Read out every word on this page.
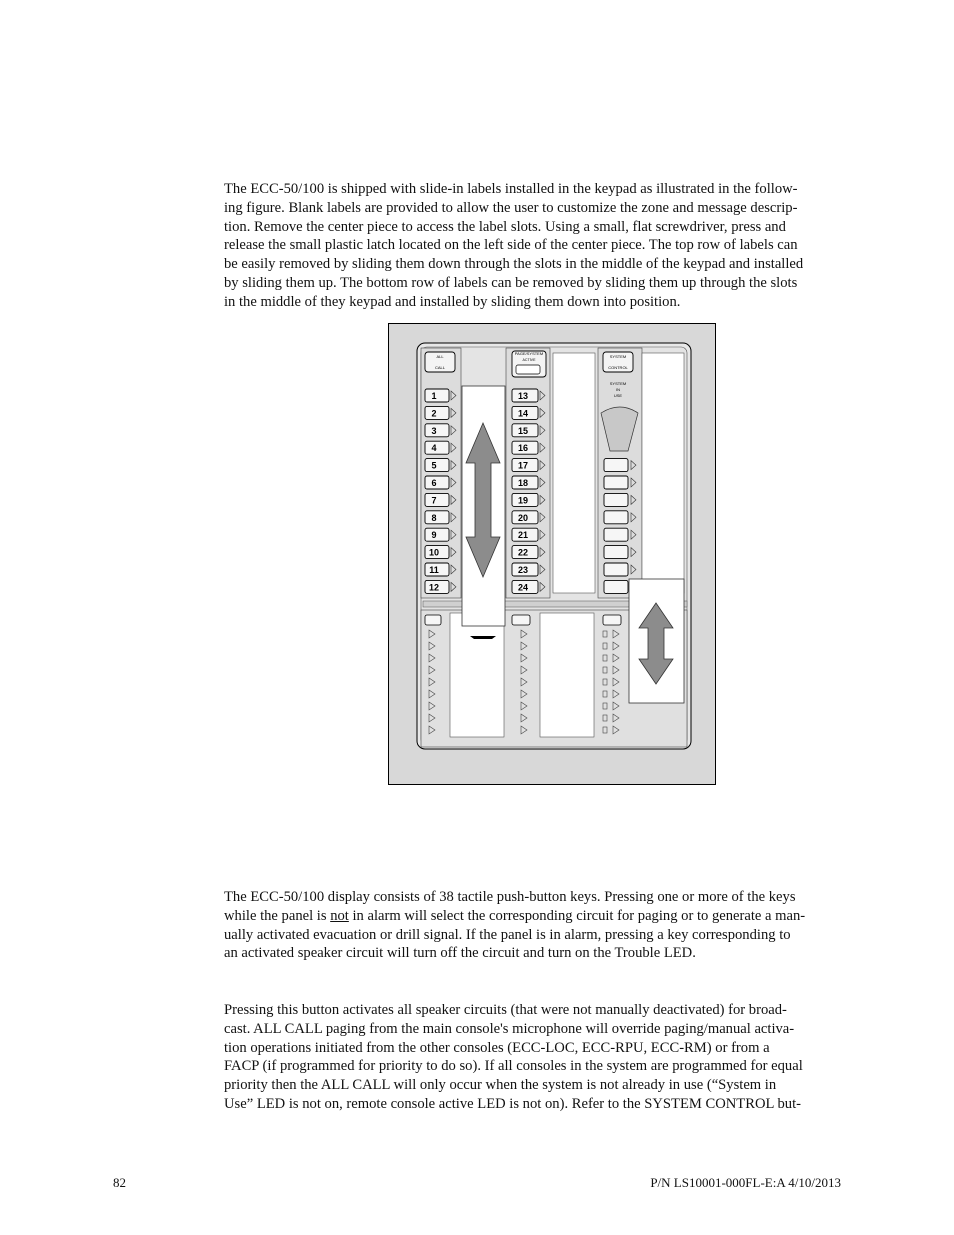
The ECC-50/100 is shipped with slide-in labels installed in the keypad as illustrated in the follow-
ing figure. Blank labels are provided to allow the user to customize the zone and message descrip-
tion. Remove the center piece to access the label slots. Using a small, flat screwdriver, press and
release the small plastic latch located on the left side of the center piece. The top row of labels can
be easily removed by sliding them down through the slots in the middle of the keypad and installed
by sliding them up. The bottom row of labels can be removed by sliding them up through the slots
in the middle of they keypad and installed by sliding them down into position.
1	13
2	14
3	15
4	16
5	17
6	18
7	19
8	20
9	21
10	22
11	23
12	24
ALL
CALL
PAGE/SYSTEM
ACTIVE
SYSTEM
CONTROL
SYSTEM
IN
USE
The ECC-50/100 display consists of 38 tactile push-button keys. Pressing one or more of the keys
while the panel is not in alarm will select the corresponding circuit for paging or to generate a man-
ually activated evacuation or drill signal. If the panel is in alarm, pressing a key corresponding to
an activated speaker circuit will turn off the circuit and turn on the Trouble LED.
Pressing this button activates all speaker circuits (that were not manually deactivated) for broad-
cast. ALL CALL paging from the main console's microphone will override paging/manual activa-
tion operations initiated from the other consoles (ECC-LOC, ECC-RPU, ECC-RM) or from a
FACP (if programmed for priority to do so). If all consoles in the system are programmed for equal
priority then the ALL CALL will only occur when the system is not already in use (“System in
Use” LED is not on, remote console active LED is not on). Refer to the SYSTEM CONTROL but-
82	P/N LS10001-000FL-E:A 4/10/2013
